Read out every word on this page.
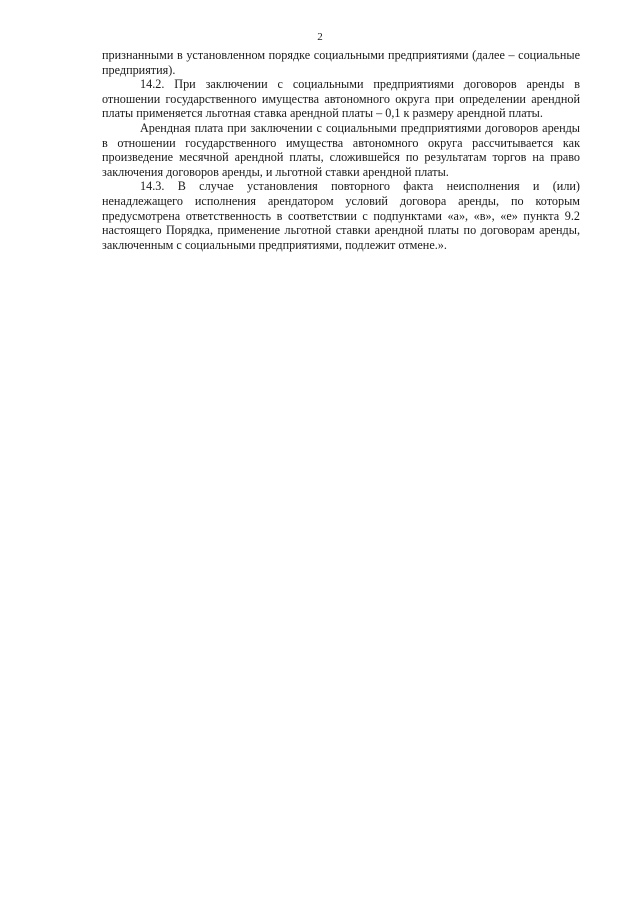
2

признанными в установленном порядке социальными предприятиями (далее – социальные предприятия).

14.2. При заключении с социальными предприятиями договоров аренды в отношении государственного имущества автономного округа при определении арендной платы применяется льготная ставка арендной платы – 0,1 к размеру арендной платы.

Арендная плата при заключении с социальными предприятиями договоров аренды в отношении государственного имущества автономного округа рассчитывается как произведение месячной арендной платы, сложившейся по результатам торгов на право заключения договоров аренды, и льготной ставки арендной платы.

14.3. В случае установления повторного факта неисполнения и (или) ненадлежащего исполнения арендатором условий договора аренды, по которым предусмотрена ответственность в соответствии с подпунктами «а», «в», «е» пункта 9.2 настоящего Порядка, применение льготной ставки арендной платы по договорам аренды, заключенным с социальными предприятиями, подлежит отмене.».
